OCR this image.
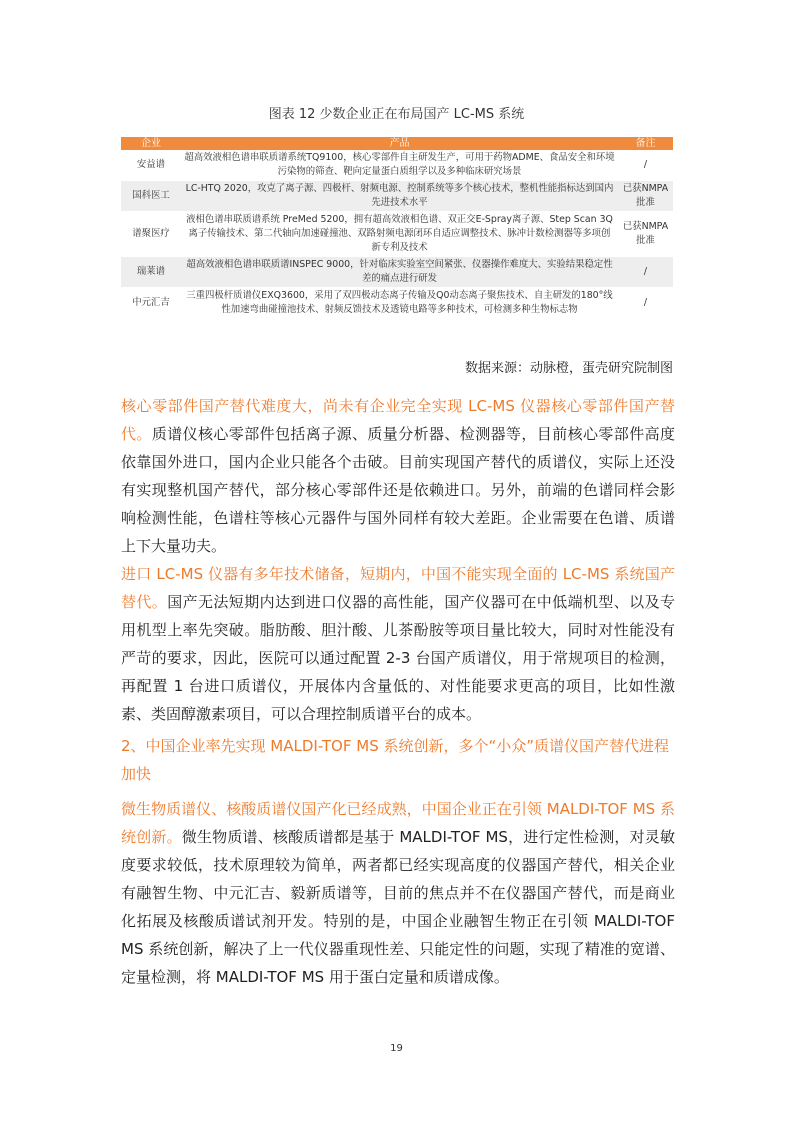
图表 12 少数企业正在布局国产 LC-MS 系统
企业	产品	备注
安益谱	超高效液相色谱串联质谱系统TQ9100，核心零部件自主研发生产，可用于药物ADME、食品安全和环境污染物的筛查、靶向定量蛋白质组学以及多种临床研究场景	/
国科医工	LC-HTQ 2020，攻克了离子源、四极杆、射频电源、控制系统等多个核心技术，整机性能指标达到国内先进技术水平	已获NMPA批准
谱聚医疗	液相色谱串联质谱系统 PreMed 5200，拥有超高效液相色谱、双正交E-Spray离子源、Step Scan 3Q离子传输技术、第二代轴向加速碰撞池、双路射频电源闭环自适应调整技术、脉冲计数检测器等多项创新专利及技术	已获NMPA批准
瑞莱谱	超高效液相色谱串联质谱INSPEC 9000，针对临床实验室空间紧张、仪器操作难度大、实验结果稳定性差的痛点进行研发	/
中元汇吉	三重四极杆质谱仪EXQ3600，采用了双四极动态离子传输及Q0动态离子聚焦技术、自主研发的180°线性加速弯曲碰撞池技术、射频反馈技术及透镜电路等多种技术，可检测多种生物标志物	/
数据来源：动脉橙，蛋壳研究院制图

核心零部件国产替代难度大，尚未有企业完全实现 LC-MS 仪器核心零部件国产替代。质谱仪核心零部件包括离子源、质量分析器、检测器等，目前核心零部件高度依靠国外进口，国内企业只能各个击破。目前实现国产替代的质谱仪，实际上还没有实现整机国产替代，部分核心零部件还是依赖进口。另外，前端的色谱同样会影响检测性能，色谱柱等核心元器件与国外同样有较大差距。企业需要在色谱、质谱上下大量功夫。

进口 LC-MS 仪器有多年技术储备，短期内，中国不能实现全面的 LC-MS 系统国产替代。国产无法短期内达到进口仪器的高性能，国产仪器可在中低端机型、以及专用机型上率先突破。脂肪酸、胆汁酸、儿茶酚胺等项目量比较大，同时对性能没有严苛的要求，因此，医院可以通过配置 2-3 台国产质谱仪，用于常规项目的检测，再配置 1 台进口质谱仪，开展体内含量低的、对性能要求更高的项目，比如性激素、类固醇激素项目，可以合理控制质谱平台的成本。

2、中国企业率先实现 MALDI-TOF MS 系统创新，多个“小众”质谱仪国产替代进程加快

微生物质谱仪、核酸质谱仪国产化已经成熟，中国企业正在引领 MALDI-TOF MS 系统创新。微生物质谱、核酸质谱都是基于 MALDI-TOF MS，进行定性检测，对灵敏度要求较低，技术原理较为简单，两者都已经实现高度的仪器国产替代，相关企业有融智生物、中元汇吉、毅新质谱等，目前的焦点并不在仪器国产替代，而是商业化拓展及核酸质谱试剂开发。特别的是，中国企业融智生物正在引领 MALDI-TOF MS 系统创新，解决了上一代仪器重现性差、只能定性的问题，实现了精准的宽谱、定量检测，将 MALDI-TOF MS 用于蛋白定量和质谱成像。

19
